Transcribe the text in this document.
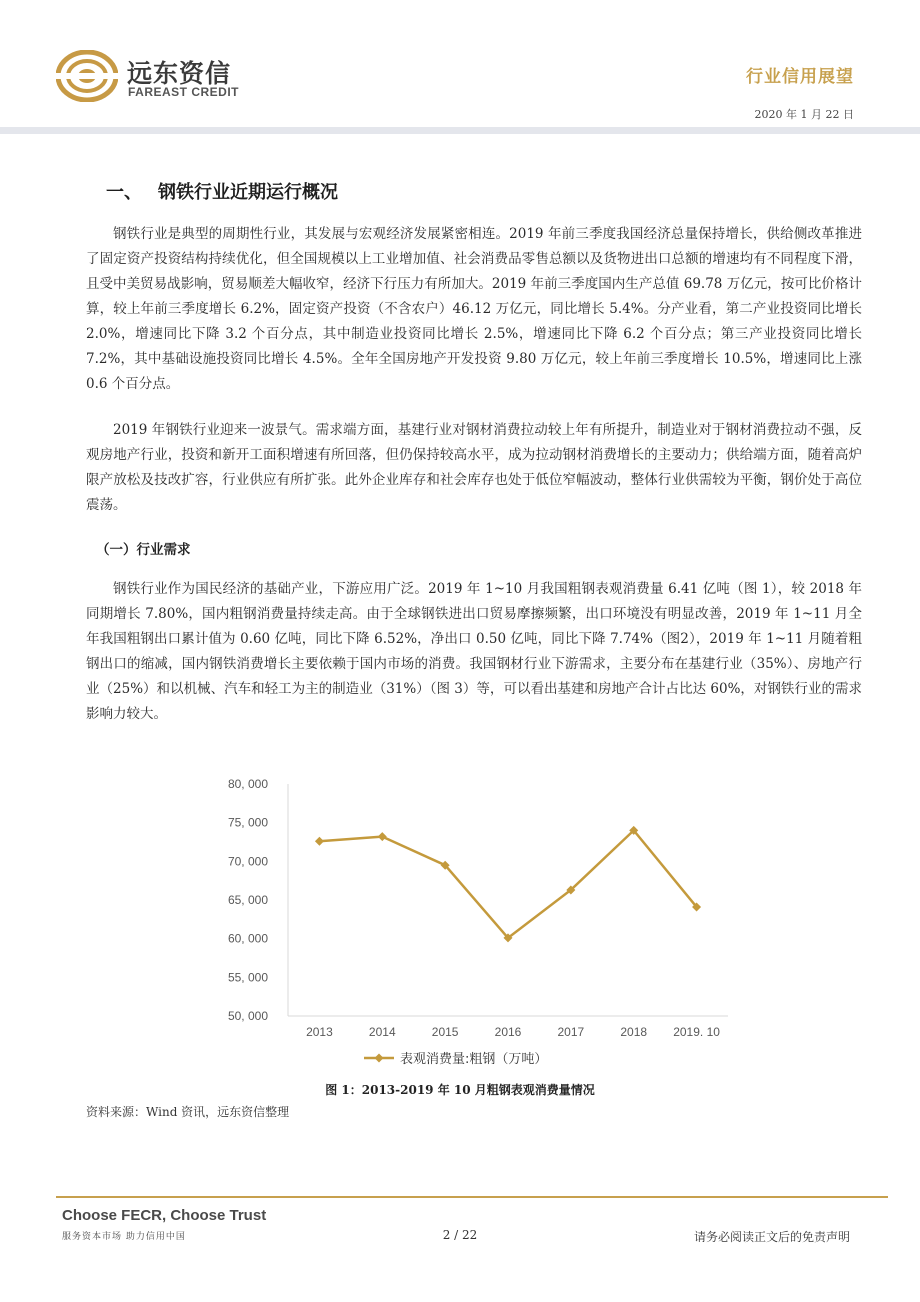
远东资信
FAREAST CREDIT
行业信用展望
2020 年 1 月 22 日
一、 钢铁行业近期运行概况

钢铁行业是典型的周期性行业，其发展与宏观经济发展紧密相连。2019 年前三季度我国经济总量保持增长，供给侧改革推进了固定资产投资结构持续优化，但全国规模以上工业增加值、社会消费品零售总额以及货物进出口总额的增速均有不同程度下滑，且受中美贸易战影响，贸易顺差大幅收窄，经济下行压力有所加大。2019 年前三季度国内生产总值 69.78 万亿元，按可比价格计算，较上年前三季度增长 6.2%，固定资产投资（不含农户）46.12 万亿元，同比增长 5.4%。分产业看，第二产业投资同比增长 2.0%，增速同比下降 3.2 个百分点，其中制造业投资同比增长 2.5%，增速同比下降 6.2 个百分点；第三产业投资同比增长 7.2%，其中基础设施投资同比增长 4.5%。全年全国房地产开发投资 9.80 万亿元，较上年前三季度增长 10.5%，增速同比上涨 0.6 个百分点。

2019 年钢铁行业迎来一波景气。需求端方面，基建行业对钢材消费拉动较上年有所提升，制造业对于钢材消费拉动不强，反观房地产行业，投资和新开工面积增速有所回落，但仍保持较高水平，成为拉动钢材消费增长的主要动力；供给端方面，随着高炉限产放松及技改扩容，行业供应有所扩张。此外企业库存和社会库存也处于低位窄幅波动，整体行业供需较为平衡，钢价处于高位震荡。

（一）行业需求

钢铁行业作为国民经济的基础产业，下游应用广泛。2019 年 1~10 月我国粗钢表观消费量 6.41 亿吨（图 1），较 2018 年同期增长 7.80%，国内粗钢消费量持续走高。由于全球钢铁进出口贸易摩擦频繁，出口环境没有明显改善，2019 年 1~11 月全年我国粗钢出口累计值为 0.60 亿吨，同比下降 6.52%，净出口 0.50 亿吨，同比下降 7.74%（图2），2019 年 1~11 月随着粗钢出口的缩减，国内钢铁消费增长主要依赖于国内市场的消费。我国钢材行业下游需求，主要分布在基建行业（35%）、房地产行业（25%）和以机械、汽车和轻工为主的制造业（31%）（图 3）等，可以看出基建和房地产合计占比达 60%，对钢铁行业的需求影响力较大。

80, 000
75, 000
70, 000
65, 000
60, 000
55, 000
50, 000
2013	2014	2015	2016	2017	2018 2019. 10
表观消费量:粗钢（万吨）
图 1：2013-2019 年 10 月粗钢表观消费量情况
资料来源：Wind 资讯，远东资信整理
Choose FECR, Choose Trust
服务资本市场 助力信用中国	2 / 22	请务必阅读正文后的免责声明
